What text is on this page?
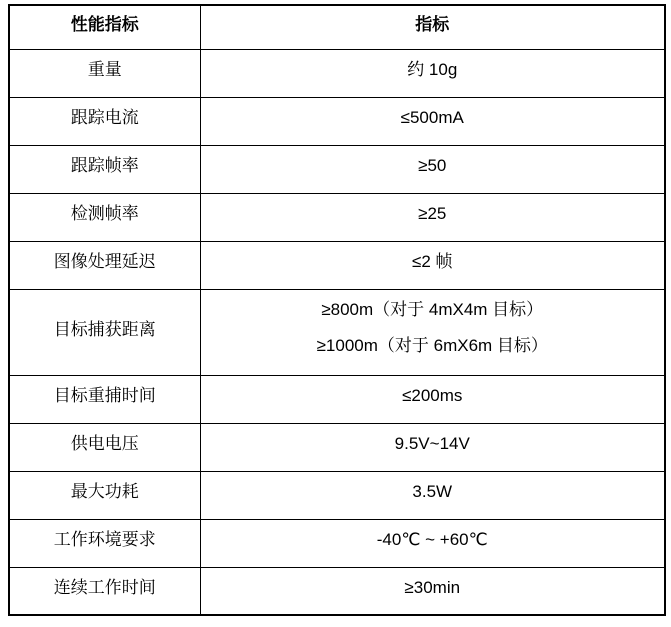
性能指标	指标
重量	约 10g
跟踪电流	≤500mA
跟踪帧率	≥50
检测帧率	≥25
图像处理延迟	≤2 帧
目标捕获距离	≥800m（对于 4mX4m 目标）
≥1000m（对于 6mX6m 目标）

目标重捕时间	≤200ms
供电电压	9.5V~14V
最大功耗	3.5W
工作环境要求	-40℃ ~ +60℃
连续工作时间	≥30min
